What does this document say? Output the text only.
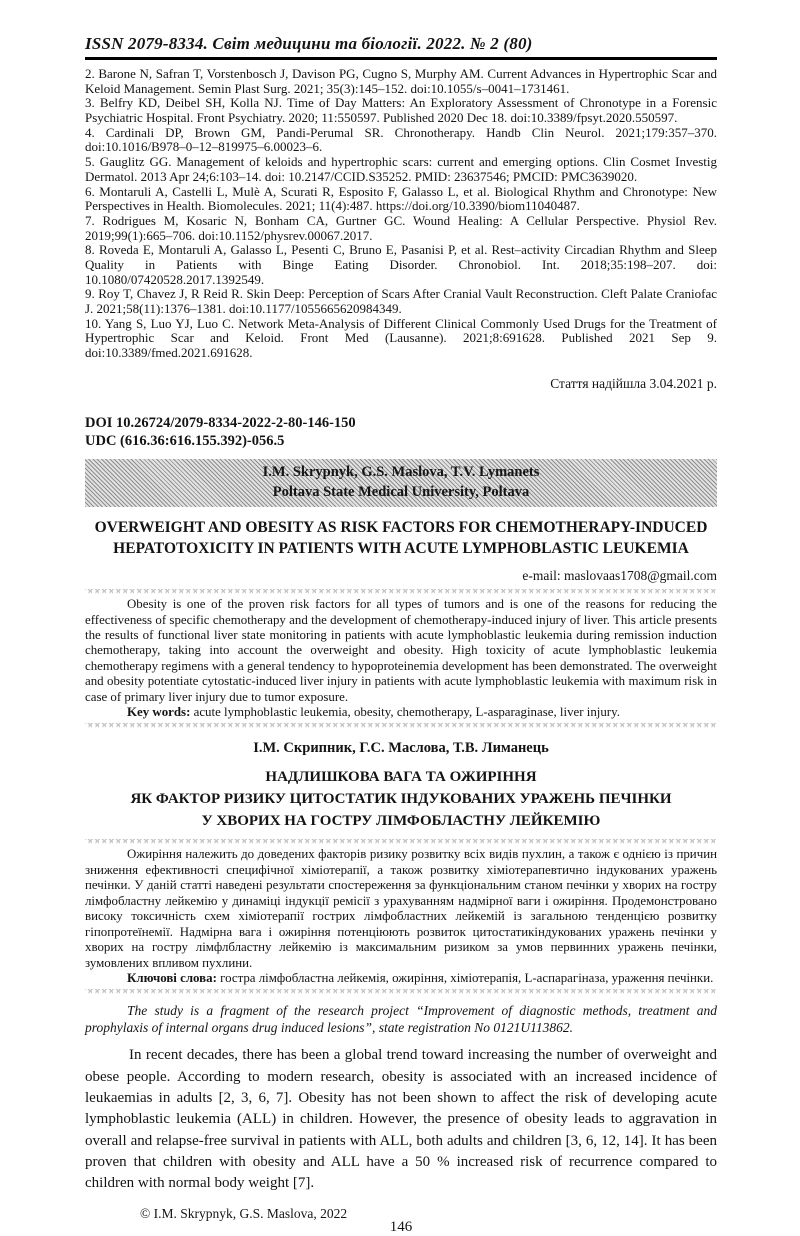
ISSN 2079-8334. Світ медицини та біології. 2022. № 2 (80)

2. Barone N, Safran T, Vorstenbosch J, Davison PG, Cugno S, Murphy AM. Current Advances in Hypertrophic Scar and Keloid Management. Semin Plast Surg. 2021; 35(3):145–152. doi:10.1055/s–0041–1731461.

3. Belfry KD, Deibel SH, Kolla NJ. Time of Day Matters: An Exploratory Assessment of Chronotype in a Forensic Psychiatric Hospital. Front Psychiatry. 2020; 11:550597. Published 2020 Dec 18. doi:10.3389/fpsyt.2020.550597.

4. Cardinali DP, Brown GM, Pandi-Perumal SR. Chronotherapy. Handb Clin Neurol. 2021;179:357–370. doi:10.1016/B978–0–12–819975–6.00023–6.

5. Gauglitz GG. Management of keloids and hypertrophic scars: current and emerging options. Clin Cosmet Investig Dermatol. 2013 Apr 24;6:103–14. doi: 10.2147/CCID.S35252. PMID: 23637546; PMCID: PMC3639020.

6. Montaruli A, Castelli L, Mulè A, Scurati R, Esposito F, Galasso L, et al. Biological Rhythm and Chronotype: New Perspectives in Health. Biomolecules. 2021; 11(4):487. https://doi.org/10.3390/biom11040487.

7. Rodrigues M, Kosaric N, Bonham CA, Gurtner GC. Wound Healing: A Cellular Perspective. Physiol Rev. 2019;99(1):665–706. doi:10.1152/physrev.00067.2017.

8. Roveda E, Montaruli A, Galasso L, Pesenti C, Bruno E, Pasanisi P, et al. Rest–activity Circadian Rhythm and Sleep Quality in Patients with Binge Eating Disorder. Chronobiol. Int. 2018;35:198–207. doi: 10.1080/07420528.2017.1392549.

9. Roy T, Chavez J, R Reid R. Skin Deep: Perception of Scars After Cranial Vault Reconstruction. Cleft Palate Craniofac J. 2021;58(11):1376–1381. doi:10.1177/1055665620984349.

10. Yang S, Luo YJ, Luo C. Network Meta-Analysis of Different Clinical Commonly Used Drugs for the Treatment of Hypertrophic Scar and Keloid. Front Med (Lausanne). 2021;8:691628. Published 2021 Sep 9. doi:10.3389/fmed.2021.691628.

Стаття надійшла 3.04.2021 р.

DOI 10.26724/2079-8334-2022-2-80-146-150
UDC (616.36:616.155.392)-056.5
I.M. Skrypnyk, G.S. Maslova, T.V. Lymanets
Poltava State Medical University, Poltava
OVERWEIGHT AND OBESITY AS RISK FACTORS FOR CHEMOTHERAPY-INDUCED
HEPATOTOXICITY IN PATIENTS WITH ACUTE LYMPHOBLASTIC LEUKEMIA

e-mail: maslovaas1708@gmail.com

Obesity is one of the proven risk factors for all types of tumors and is one of the reasons for reducing the effectiveness of specific chemotherapy and the development of chemotherapy-induced injury of liver. This article presents the results of functional liver state monitoring in patients with acute lymphoblastic leukemia during remission induction chemotherapy, taking into account the overweight and obesity. High toxicity of acute lymphoblastic leukemia chemotherapy regimens with a general tendency to hypoproteinemia development has been demonstrated. The overweight and obesity potentiate cytostatic-induced liver injury in patients with acute lymphoblastic leukemia with maximum risk in case of primary liver injury due to tumor exposure.

Key words: acute lymphoblastic leukemia, obesity, chemotherapy, L-asparaginase, liver injury.

І.М. Скрипник, Г.С. Маслова, Т.В. Лиманець
НАДЛИШКОВА ВАГА ТА ОЖИРІННЯ
ЯК ФАКТОР РИЗИКУ ЦИТОСТАТИК ІНДУКОВАНИХ УРАЖЕНЬ ПЕЧІНКИ
У ХВОРИХ НА ГОСТРУ ЛІМФОБЛАСТНУ ЛЕЙКЕМІЮ

Ожиріння належить до доведених факторів ризику розвитку всіх видів пухлин, а також є однією із причин зниження ефективності специфічної хіміотерапії, а також розвитку хіміотерапевтично індукованих уражень печінки. У даній статті наведені результати спостереження за функціональним станом печінки у хворих на гостру лімфобластну лейкемію у динаміці індукції ремісії з урахуванням надмірної ваги і ожиріння. Продемонстровано високу токсичність схем хіміотерапії гострих лімфобластних лейкемій із загальною тенденцією розвитку гіпопротеїнемії. Надмірна вага і ожиріння потенціюють розвиток цитостатикіндукованих уражень печінки у хворих на гостру лімфлбластну лейкемію із максимальним ризиком за умов первинних уражень печінки, зумовлених впливом пухлини.

Ключові слова: гостра лімфобластна лейкемія, ожиріння, хіміотерапія, L-аспарагіназа, ураження печінки.

The study is a fragment of the research project “Improvement of diagnostic methods, treatment and prophylaxis of internal organs drug induced lesions”, state registration No 0121U113862.

In recent decades, there has been a global trend toward increasing the number of overweight and obese people. According to modern research, obesity is associated with an increased incidence of leukaemias in adults [2, 3, 6, 7]. Obesity has not been shown to affect the risk of developing acute lymphoblastic leukemia (ALL) in children. However, the presence of obesity leads to aggravation in overall and relapse-free survival in patients with ALL, both adults and children [3, 6, 12, 14]. It has been proven that children with obesity and ALL have a 50 % increased risk of recurrence compared to children with normal body weight [7].

© I.M. Skrypnyk, G.S. Maslova, 2022
146
